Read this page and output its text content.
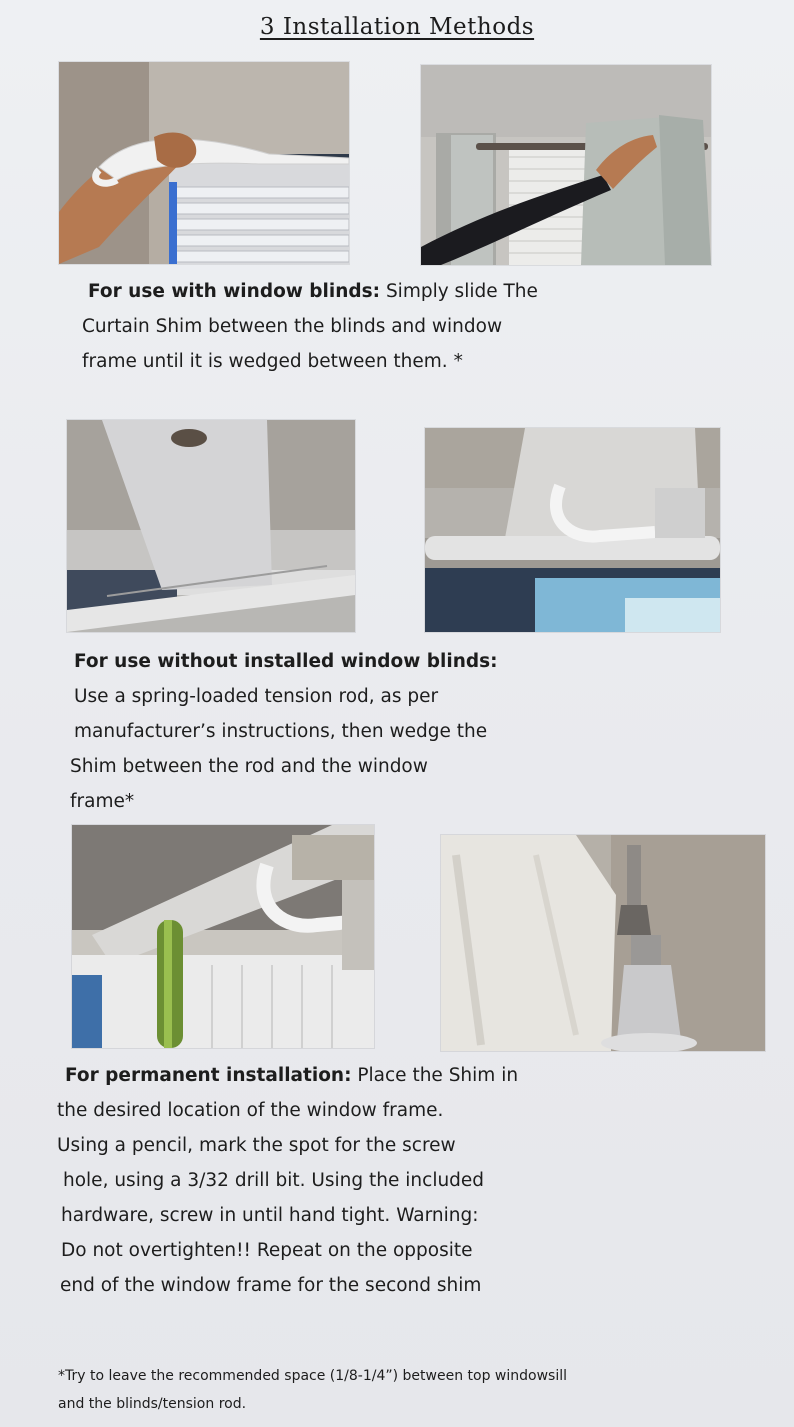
3 Installation Methods
For use with window blinds: Simply slide The
Curtain Shim between the blinds and window
frame until it is wedged between them. *
For use without installed window blinds:
Use a spring-loaded tension rod, as per
manufacturer’s instructions, then wedge the
Shim between the rod and the window
frame*
For permanent installation: Place the Shim in
the desired location of the window frame.
Using a pencil, mark the spot for the screw
hole, using a 3/32 drill bit. Using the included
hardware, screw in until hand tight. Warning:
Do not overtighten!! Repeat on the opposite
end of the window frame for the second shim
*Try to leave the recommended space (1/8-1/4”) between top windowsill
and the blinds/tension rod.
